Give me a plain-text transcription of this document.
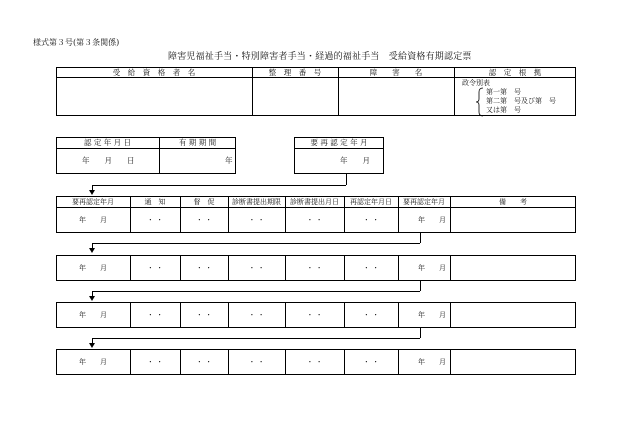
様式第３号(第３条関係)
障害児福祉手当・特別障害者手当・経過的福祉手当　受給資格有期認定票
受　給　資　格　者　名	整　理　番　号	障　　害　　名	認　定　根　拠
政令別表
第一第　号
第二第　号及び第　号
又は第　号
認 定 年 月 日	有 期 期 間
年　　月　　日	年
要 再 認 定 年 月
年　　月
要再認定年月	通　知	督　促	診断書提出期限	診断書提出月日	再認定年月日	要再認定年月	備　　考
年　　月	・ ・	・ ・	・ ・	・ ・	・ ・	年　　月
年　　月	・ ・	・ ・	・ ・	・ ・	・ ・	年　　月
年　　月	・ ・	・ ・	・ ・	・ ・	・ ・	年　　月
年　　月	・ ・	・ ・	・ ・	・ ・	・ ・	年　　月
